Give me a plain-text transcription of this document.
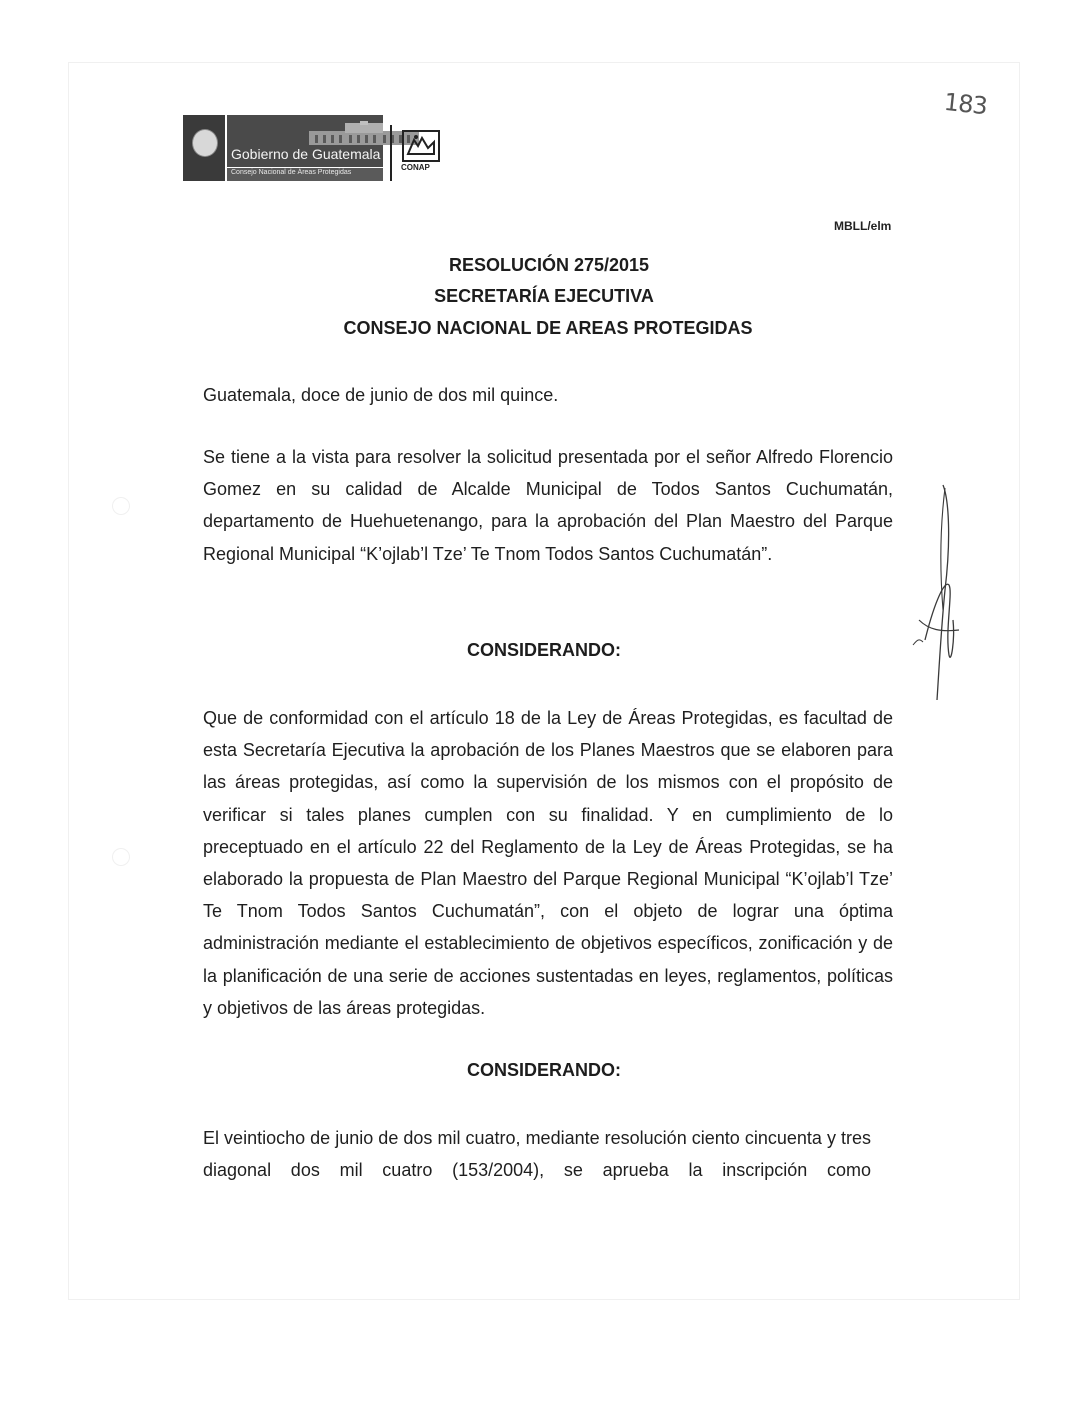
Gobierno de Guatemala
Consejo Nacional de Áreas Protegidas
CONAP
183
MBLL/elm
RESOLUCIÓN 275/2015
SECRETARÍA EJECUTIVA
CONSEJO NACIONAL DE AREAS PROTEGIDAS
Guatemala, doce de junio de dos mil quince.
Se tiene a la vista para resolver la solicitud presentada por el señor Alfredo Florencio Gomez en su calidad de Alcalde Municipal de Todos Santos Cuchumatán, departamento de Huehuetenango, para la aprobación del Plan Maestro del Parque Regional Municipal “K’ojlab’l Tze’ Te Tnom Todos Santos Cuchumatán”.
CONSIDERANDO:
Que de conformidad con el artículo 18 de la Ley de Áreas Protegidas, es facultad de esta Secretaría Ejecutiva la aprobación de los Planes Maestros que se elaboren para las áreas protegidas, así como la supervisión de los mismos con el propósito de verificar si tales planes cumplen con su finalidad. Y en cumplimiento de lo preceptuado en el artículo 22 del Reglamento de la Ley de Áreas Protegidas, se ha elaborado la propuesta de Plan Maestro del Parque Regional Municipal “K’ojlab’l Tze’ Te Tnom Todos Santos Cuchumatán”, con el objeto de lograr una óptima administración mediante el establecimiento de objetivos específicos, zonificación y de la planificación de una serie de acciones sustentadas en leyes, reglamentos, políticas y objetivos de las áreas protegidas.
CONSIDERANDO:
El veintiocho de junio de dos mil cuatro, mediante resolución ciento cincuenta y tres diagonal dos mil cuatro (153/2004), se aprueba la inscripción como
